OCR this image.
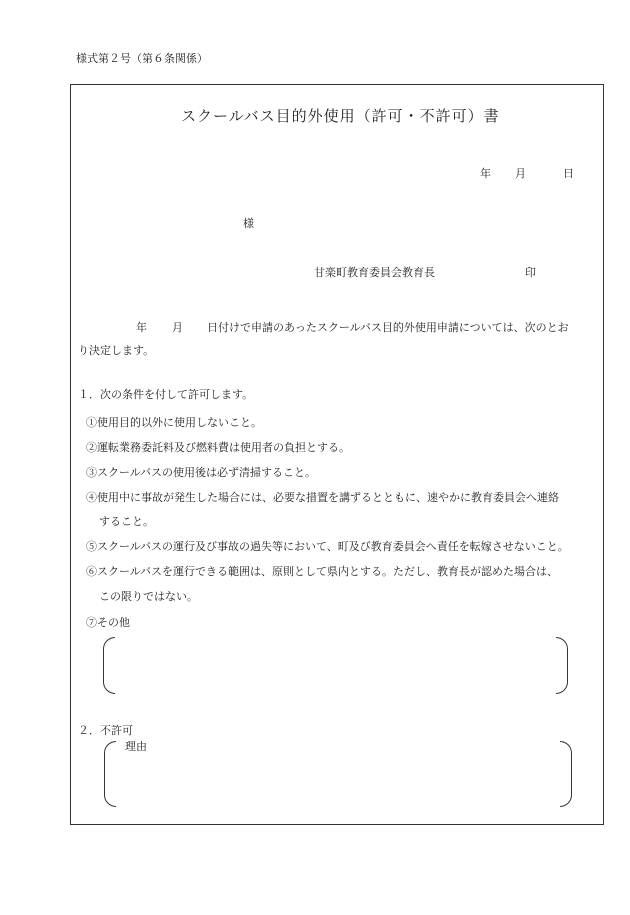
様式第２号（第６条関係）
スクールバス目的外使用（許可・不許可）書
年 月	日
様
甘楽町教育委員会教育長	印
年 月 日付けで申請のあったスクールバス目的外使用申請については、次のとお
り決定します。
１．次の条件を付して許可します。
①使用目的以外に使用しないこと。
②運転業務委託料及び燃料費は使用者の負担とする。
③スクールバスの使用後は必ず清掃すること。
④使用中に事故が発生した場合には、必要な措置を講ずるとともに、速やかに教育委員会へ連絡
すること。
⑤スクールバスの運行及び事故の過失等において、町及び教育委員会へ責任を転嫁させないこと。
⑥スクールバスを運行できる範囲は、原則として県内とする。ただし、教育長が認めた場合は、
この限りではない。
⑦その他
２．不許可
理由
